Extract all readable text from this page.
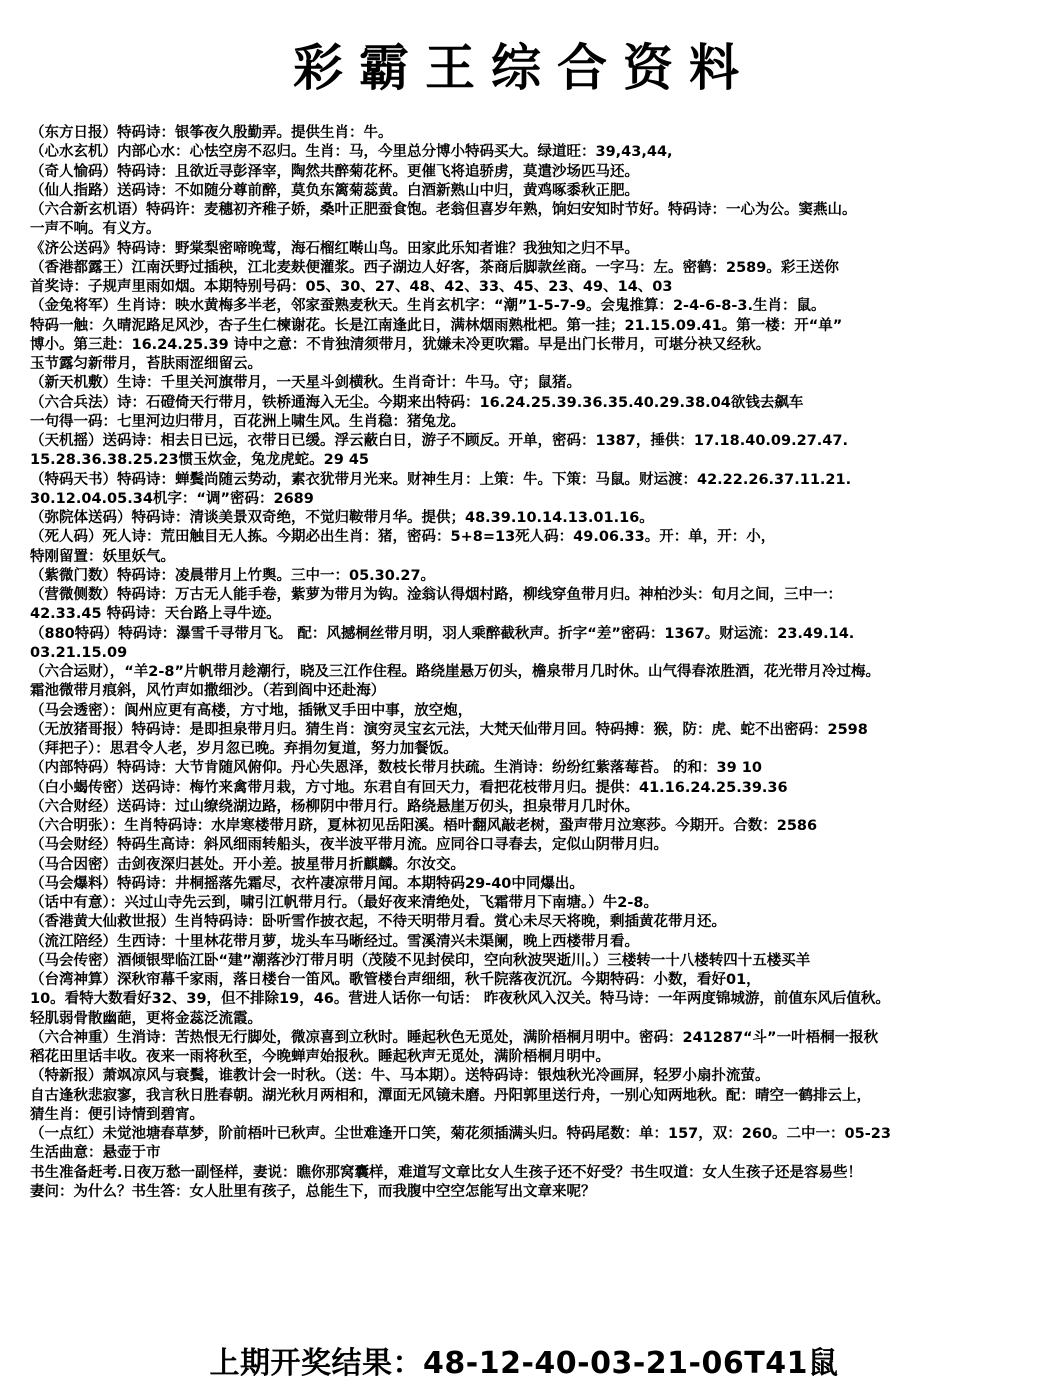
彩霸王综合资料
（东方日报）特码诗：银筝夜久殷勤弄。提供生肖：牛。
（心水玄机）内部心水：心怯空房不忍归。生肖：马，今里总分博小特码买大。绿道旺：39,43,44,
（奇人愉码）特码诗：且欲近寻彭泽宰，陶然共醉菊花杯。更催飞将追骄虏，莫遣沙场匹马还。
（仙人指路）送码诗：不如随分尊前醉，莫负东篱菊蕊黄。白酒新熟山中归，黄鸡啄黍秋正肥。
（六合新玄机语）特码许：麦穗初齐稚子娇，桑叶正肥蚕食饱。老翁但喜岁年熟，饷妇安知时节好。特码诗：一心为公。窦燕山。
一声不响。有义方。
《济公送码》特码诗：野棠梨密啼晚莺，海石榴红啭山鸟。田家此乐知者谁？我独知之归不早。
（香港都露王）江南沃野过插秧，江北麦麸便灌浆。西子湖边人好客，茶商后脚款丝商。一字马：左。密鹤：2589。彩王送你
首奖诗：子规声里雨如烟。本期特别号码：05、30、27、48、42、33、45、23、49、14、03
（金兔将军）生肖诗：映水黄梅多半老，邻家蚕熟麦秋天。生肖玄机字：“潮”1-5-7-9。会鬼推算：2-4-6-8-3.生肖：鼠。
特码一触：久晴泥路足风沙，杏子生仁楝谢花。长是江南逢此日，满林烟雨熟枇杷。第一挂；21.15.09.41。第一楼：开“单”
博小。第三赴：16.24.25.39 诗中之意：不肯独清须带月，犹嫌未冷更吹霜。早是出门长带月，可堪分袂又经秋。
玉节露匀新带月，苔肤雨涩细留云。
（新天机敷）生诗：千里关河旗带月，一天星斗剑横秋。生肖奇计：牛马。守；鼠猪。
（六合兵法）诗：石磴倚天行带月，铁桥通海入无尘。今期来出特码：16.24.25.39.36.35.40.29.38.04欲钱去飙车
一句得一码：七里河边归带月，百花洲上啸生风。生肖稳：猪兔龙。
（天机摇）送码诗：相去日已远，衣带日已缓。浮云蔽白日，游子不顾反。开单，密码：1387，捶供：17.18.40.09.27.47.
15.28.36.38.25.23惯玉炊金，兔龙虎蛇。29 45
（特码天书）特码诗：蝉鬓尚随云势动，素衣犹带月光来。财神生月：上策：牛。下策：马鼠。财运渡：42.22.26.37.11.21.
30.12.04.05.34机字：“调”密码：2689
（弥院体送码）特码诗：清谈美景双奇绝，不觉归鞍带月华。提供；48.39.10.14.13.01.16。
（死人码）死人诗：荒田触目无人拣。今期必出生肖：猪，密码：5+8=13死人码：49.06.33。开：单，开：小，
特刚留置：妖里妖气。
（紫微门数）特码诗：凌晨带月上竹舆。三中一：05.30.27。
（营微侧数）特码诗：万古无人能手卷，紫萝为带月为钩。淦翁认得烟村路，柳线穿鱼带月归。神柏沙头：旬月之间，三中一：
42.33.45 特码诗：天台路上寻牛迹。
（880特码）特码诗：瀑雪千寻带月飞。 配：风撼桐丝带月明，羽人乘醉截秋声。折字“差”密码：1367。财运流：23.49.14.
03.21.15.09
（六合运财），“羊2-8”片帆带月趁潮行，晓及三江作住程。路绕崖悬万仞头，檐泉带月几时休。山气得春浓胜酒，花光带月冷过梅。
霜池微带月痕斜，风竹声如撒细沙。（若到阎中还赴海）
（马会透密）：阆州应更有高楼，方寸地，插锹叉手田中事，放空炮，
（无放猪哥报）特码诗：是即担泉带月归。猜生肖：演穷灵宝玄元法，大梵天仙带月回。特码搏：猴，防：虎、蛇不出密码：2598
（拜把子）：思君令人老，岁月忽已晚。弃捐勿复道，努力加餐饭。
（内部特码）特码诗：大节肯随风俯仰。丹心失恩泽，数枝长带月扶疏。生消诗：纷纷红紫落莓苔。 的和：39 10
（白小蝎传密）送码诗：梅竹来禽带月栽，方寸地。东君自有回天力，看把花枝带月归。提供：41.16.24.25.39.36
（六合财经）送码诗：过山缭绕湖边路，杨柳阴中带月行。路绕悬崖万仞头，担泉带月几时休。
（六合明张）：生肖特码诗：水岸寒楼带月跻，夏林初见岳阳溪。梧叶翻风敲老树，蛩声带月泣寒莎。今期开。合数：2586
（马会财经）特码生高诗：斜风细雨转船头，夜半波平带月流。应同谷口寻春去，定似山阴带月归。
（马合因密）击剑夜深归甚处。开小差。披星带月折麒麟。尔汝交。
（马会爆料）特码诗：井桐摇落先霜尽，衣杵凄凉带月闻。本期特码29-40中同爆出。
（话中有意）：兴过山寺先云到，啸引江帆带月行。（最好夜来清绝处，飞霜带月下南塘。）牛2-8。
（香港黄大仙救世报）生肖特码诗：卧听雪作披衣起，不待天明带月看。赏心未尽天将晚，剩插黄花带月还。
（流江陪经）生西诗：十里林花带月萝，垅头车马晰经过。雪溪清兴未渠阑，晚上西楼带月看。
（马会传密）酒倾银斝临江卧“建”潮落沙汀带月明（茂陵不见封侯印，空向秋波哭逝川。）三楼转一十八楼转四十五楼买羊
（台湾神算）深秋帘幕千家雨，落日楼台一笛风。歌管楼台声细细，秋千院落夜沉沉。今期特码：小数，看好01，
10。看特大数看好32、39，但不排除19，46。营进人话你一句话： 昨夜秋风入汉关。特马诗：一年两度锦城游，前值东风后值秋。
轻肌弱骨散幽葩，更将金蕊泛流霞。
（六合神重）生消诗：苦热恨无行脚处，微凉喜到立秋时。睡起秋色无觅处，满阶梧桐月明中。密码：241287“斗”一叶梧桐一报秋
稻花田里话丰收。夜来一雨将秋至，今晚蝉声始报秋。睡起秋声无觅处，满阶梧桐月明中。
（特新报）萧飒凉风与衰鬓，谁教计会一时秋。（送：牛、马本期）。送特码诗：银烛秋光冷画屏，轻罗小扇扑流萤。
自古逢秋悲寂寥，我言秋日胜春朝。湖光秋月两相和，潭面无风镜未磨。丹阳郭里送行舟，一别心知两地秋。配：晴空一鹤排云上，
猜生肖：便引诗情到碧宵。
（一点红）未觉池塘春草梦，阶前梧叶已秋声。尘世难逢开口笑，菊花须插满头归。特码尾数：单：157，双：260。二中一：05-23
生活曲意：悬壶于市
书生准备赶考.日夜万愁一副怪样，妻说：瞧你那窝囊样，难道写文章比女人生孩子还不好受？书生叹道：女人生孩子还是容易些！
妻问：为什么？书生答：女人肚里有孩子，总能生下，而我腹中空空怎能写出文章来呢？
上期开奖结果：48-12-40-03-21-06T41鼠
